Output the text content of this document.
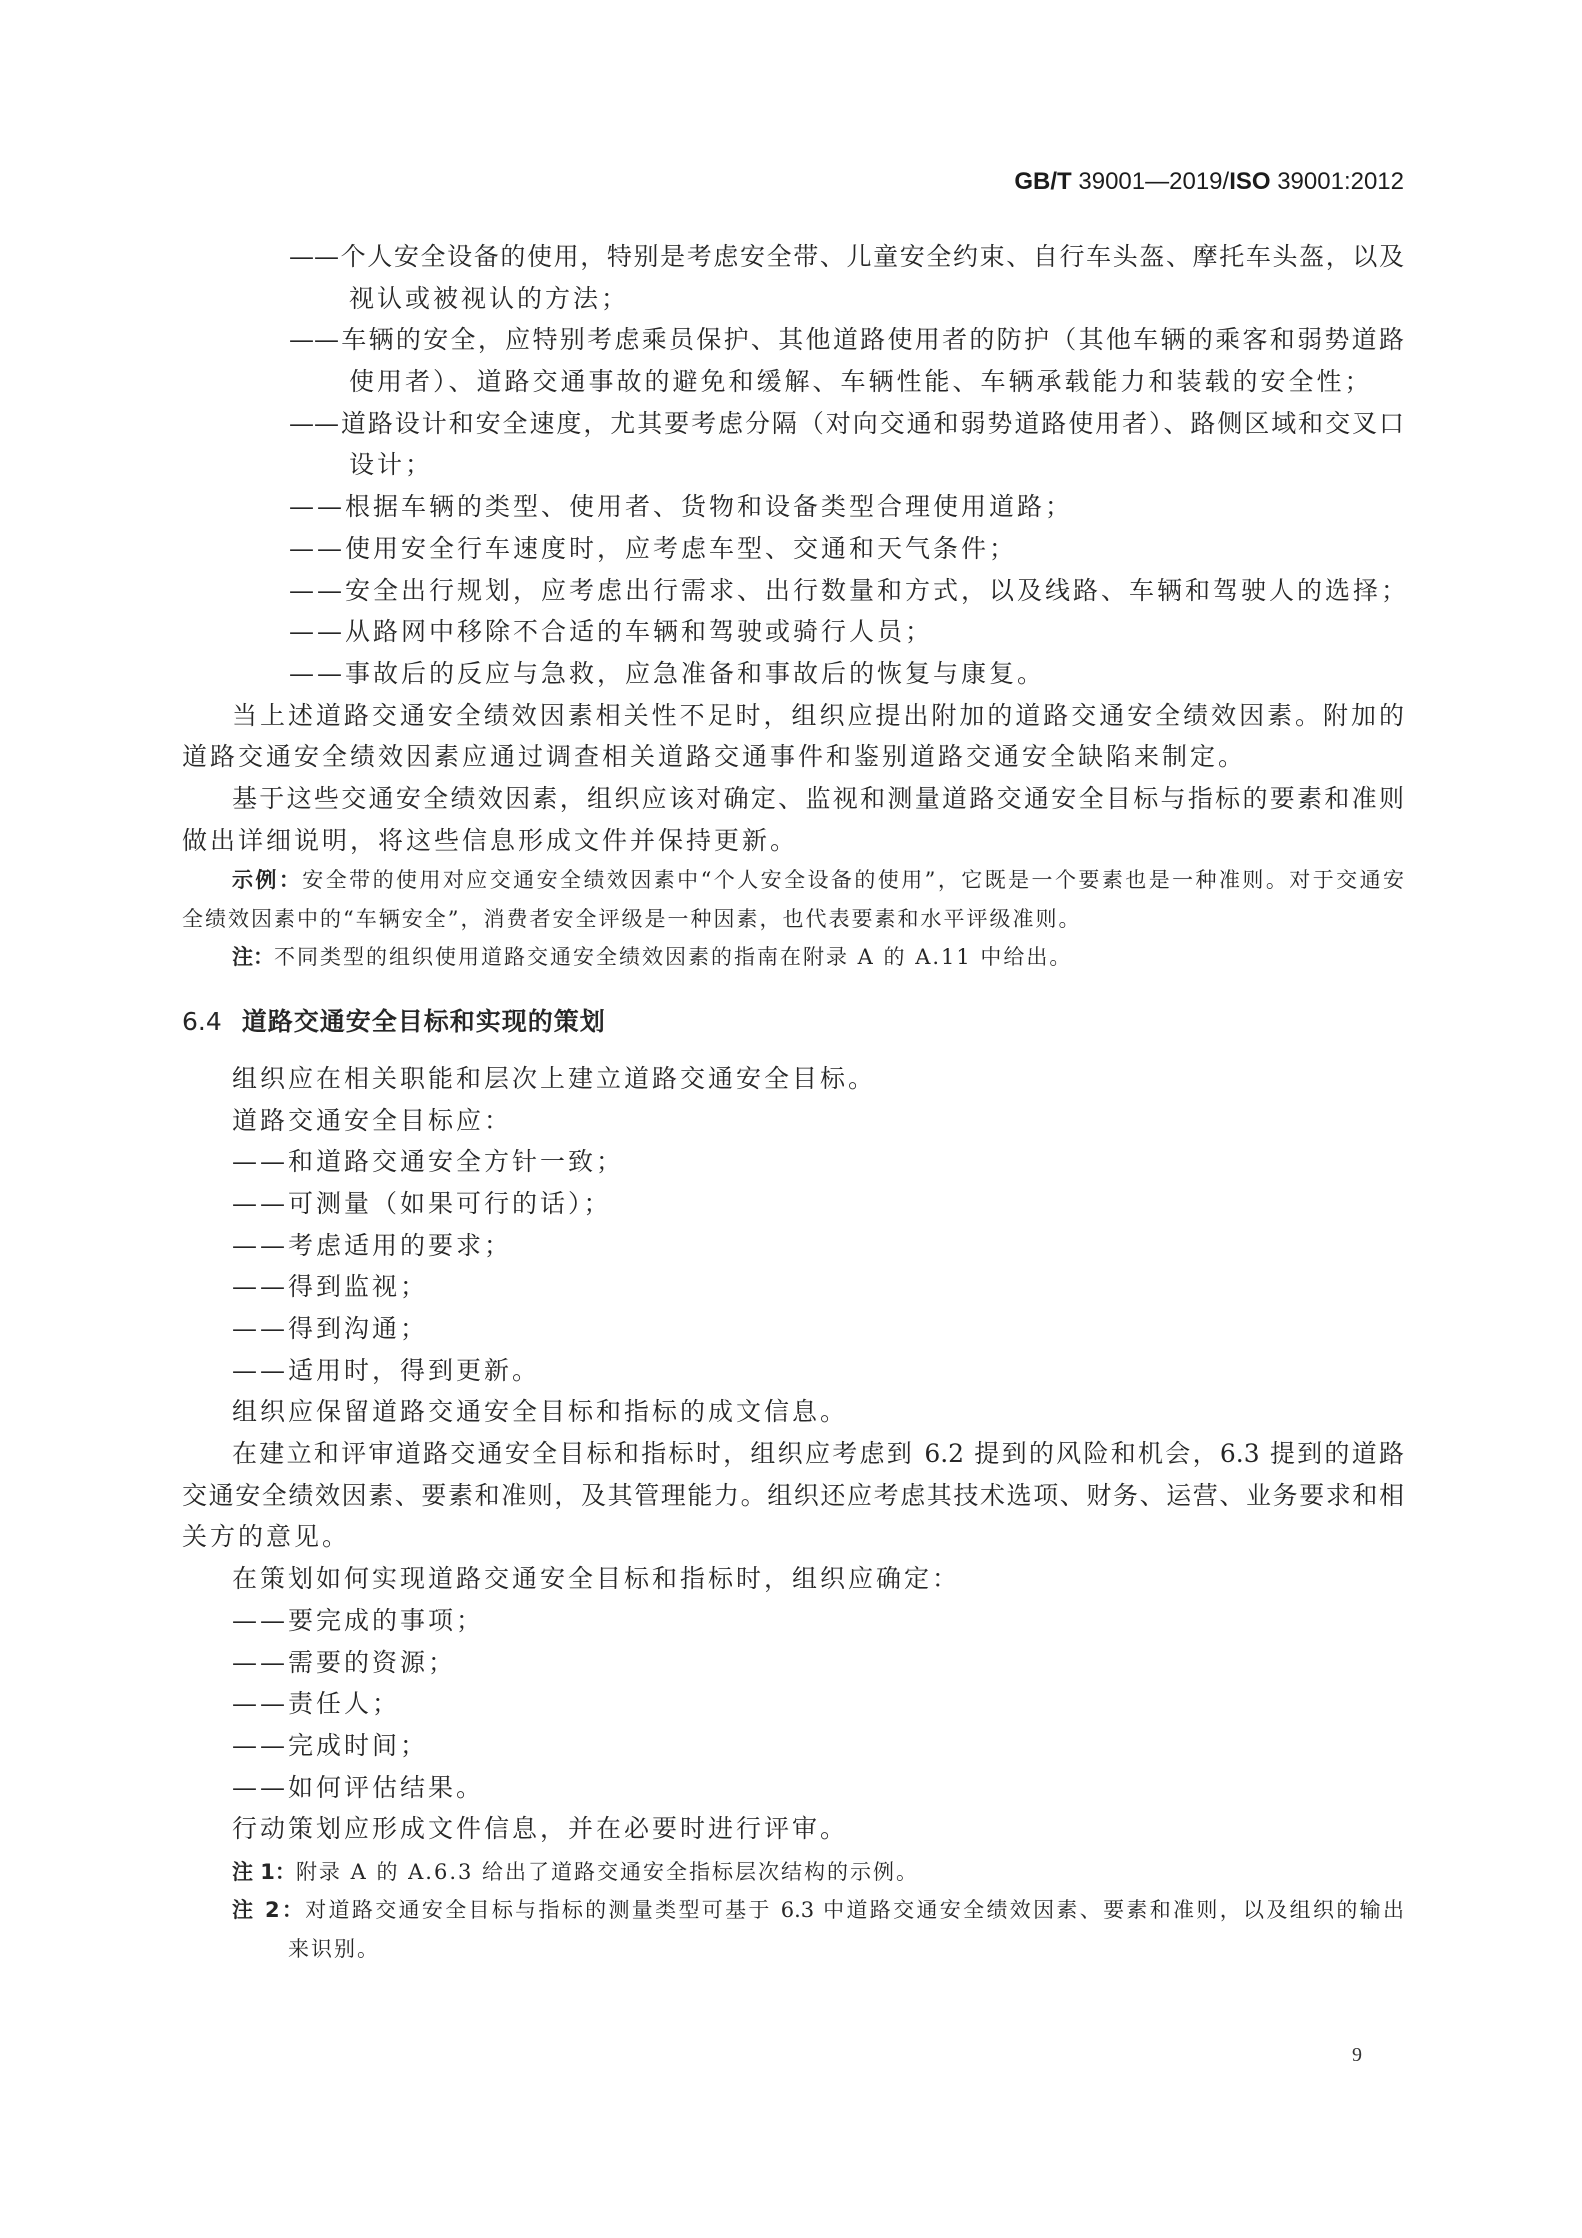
GB/T 39001—2019/ISO 39001:2012
——个人安全设备的使用，特别是考虑安全带、儿童安全约束、自行车头盔、摩托车头盔，以及
视认或被视认的方法；
——车辆的安全，应特别考虑乘员保护、其他道路使用者的防护（其他车辆的乘客和弱势道路
使用者）、道路交通事故的避免和缓解、车辆性能、车辆承载能力和装载的安全性；
——道路设计和安全速度，尤其要考虑分隔（对向交通和弱势道路使用者）、路侧区域和交叉口
设计；
——根据车辆的类型、使用者、货物和设备类型合理使用道路；
——使用安全行车速度时，应考虑车型、交通和天气条件；
——安全出行规划，应考虑出行需求、出行数量和方式，以及线路、车辆和驾驶人的选择；
——从路网中移除不合适的车辆和驾驶或骑行人员；
——事故后的反应与急救，应急准备和事故后的恢复与康复。
当上述道路交通安全绩效因素相关性不足时，组织应提出附加的道路交通安全绩效因素。附加的
道路交通安全绩效因素应通过调查相关道路交通事件和鉴别道路交通安全缺陷来制定。
基于这些交通安全绩效因素，组织应该对确定、监视和测量道路交通安全目标与指标的要素和准则
做出详细说明，将这些信息形成文件并保持更新。
示例：安全带的使用对应交通安全绩效因素中“个人安全设备的使用”，它既是一个要素也是一种准则。对于交通安
全绩效因素中的“车辆安全”，消费者安全评级是一种因素，也代表要素和水平评级准则。
注：不同类型的组织使用道路交通安全绩效因素的指南在附录 A 的 A.11 中给出。
6.4 道路交通安全目标和实现的策划
组织应在相关职能和层次上建立道路交通安全目标。
道路交通安全目标应：
——和道路交通安全方针一致；
——可测量（如果可行的话）；
——考虑适用的要求；
——得到监视；
——得到沟通；
——适用时，得到更新。
组织应保留道路交通安全目标和指标的成文信息。
在建立和评审道路交通安全目标和指标时，组织应考虑到 6.2 提到的风险和机会，6.3 提到的道路
交通安全绩效因素、要素和准则，及其管理能力。组织还应考虑其技术选项、财务、运营、业务要求和相
关方的意见。
在策划如何实现道路交通安全目标和指标时，组织应确定：
——要完成的事项；
——需要的资源；
——责任人；
——完成时间；
——如何评估结果。
行动策划应形成文件信息，并在必要时进行评审。
注 1：附录 A 的 A.6.3 给出了道路交通安全指标层次结构的示例。
注 2：对道路交通安全目标与指标的测量类型可基于 6.3 中道路交通安全绩效因素、要素和准则，以及组织的输出
来识别。
9
